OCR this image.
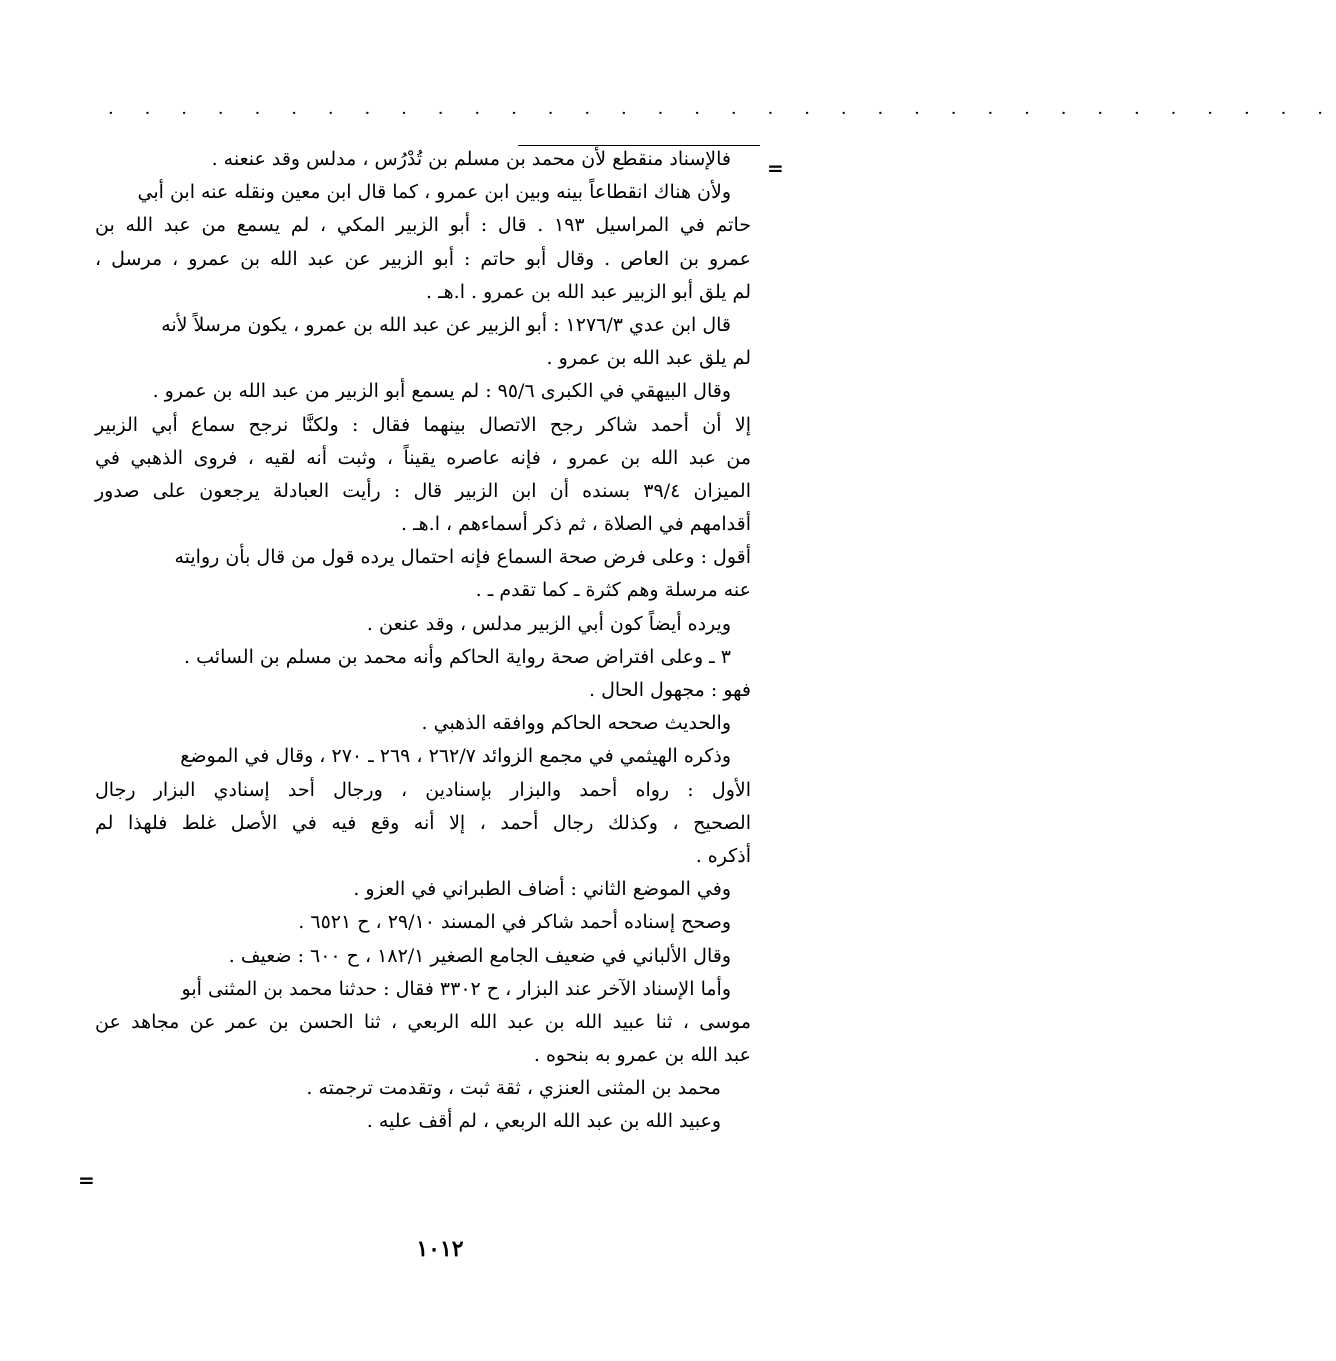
· · · · · · · · · · · · · · · · · · · · · · · · · · · · · · · · · ·
=
=
فالإسناد منقطع لأن محمد بن مسلم بن تُدْرُس ، مدلس وقد عنعنه .
ولأن هناك انقطاعاً بينه وبين ابن عمرو ، كما قال ابن معين ونقله عنه ابن أبي
حاتم في المراسيل ١٩٣ . قال : أبو الزبير المكي ، لم يسمع من عبد الله بن
عمرو بن العاص . وقال أبو حاتم : أبو الزبير عن عبد الله بن عمرو ، مرسل ،
لم يلق أبو الزبير عبد الله بن عمرو . ا.هـ .
قال ابن عدي ١٢٧٦/٣ : أبو الزبير عن عبد الله بن عمرو ، يكون مرسلاً لأنه
لم يلق عبد الله بن عمرو .
وقال البيهقي في الكبرى ٩٥/٦ : لم يسمع أبو الزبير من عبد الله بن عمرو .
إلا أن أحمد شاكر رجح الاتصال بينهما فقال : ولكنَّا نرجح سماع أبي الزبير
من عبد الله بن عمرو ، فإنه عاصره يقيناً ، وثبت أنه لقيه ، فروى الذهبي في
الميزان ٣٩/٤ بسنده أن ابن الزبير قال : رأيت العبادلة يرجعون على صدور
أقدامهم في الصلاة ، ثم ذكر أسماءهم ، ا.هـ .
أقول : وعلى فرض صحة السماع فإنه احتمال يرده قول من قال بأن روايته
عنه مرسلة وهم كثرة ـ كما تقدم ـ .
ويرده أيضاً كون أبي الزبير مدلس ، وقد عنعن .
٣ ـ وعلى افتراض صحة رواية الحاكم وأنه محمد بن مسلم بن السائب .
فهو : مجهول الحال .
والحديث صححه الحاكم ووافقه الذهبي .
وذكره الهيثمي في مجمع الزوائد ٢٦٢/٧ ، ٢٦٩ ـ ٢٧٠ ، وقال في الموضع
الأول : رواه أحمد والبزار بإسنادين ، ورجال أحد إسنادي البزار رجال
الصحيح ، وكذلك رجال أحمد ، إلا أنه وقع فيه في الأصل غلط فلهذا لم
أذكره .
وفي الموضع الثاني : أضاف الطبراني في العزو .
وصحح إسناده أحمد شاكر في المسند ٢٩/١٠ ، ح ٦٥٢١ .
وقال الألباني في ضعيف الجامع الصغير ١٨٢/١ ، ح ٦٠٠ : ضعيف .
وأما الإسناد الآخر عند البزار ، ح ٣٣٠٢ فقال : حدثنا محمد بن المثنى أبو
موسى ، ثنا عبيد الله بن عبد الله الربعي ، ثنا الحسن بن عمر عن مجاهد عن
عبد الله بن عمرو به بنحوه .
محمد بن المثنى العنزي ، ثقة ثبت ، وتقدمت ترجمته .
وعبيد الله بن عبد الله الربعي ، لم أقف عليه .
١٠١٢
